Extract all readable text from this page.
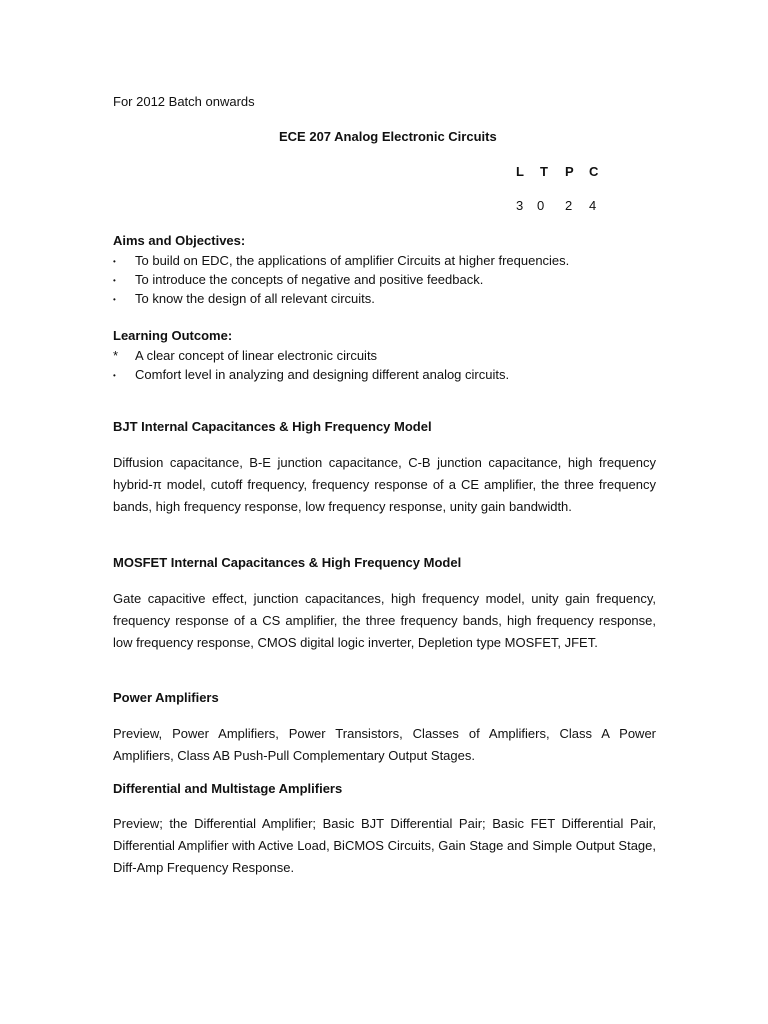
For 2012 Batch onwards
ECE 207 Analog Electronic Circuits
L	T	P	C
3	0	2	4
Aims and Objectives:
• To build on EDC, the applications of amplifier Circuits at higher frequencies.
• To introduce the concepts of negative and positive feedback.
• To know the design of all relevant circuits.
Learning Outcome:
* A clear concept of linear electronic circuits
• Comfort level in analyzing and designing different analog circuits.
BJT Internal Capacitances & High Frequency Model

Diffusion capacitance, B-E junction capacitance, C-B junction capacitance, high frequency hybrid-π model, cutoff frequency, frequency response of a CE amplifier, the three frequency bands, high frequency response, low frequency response, unity gain bandwidth.

MOSFET Internal Capacitances & High Frequency Model

Gate capacitive effect, junction capacitances, high frequency model, unity gain frequency, frequency response of a CS amplifier, the three frequency bands, high frequency response, low frequency response, CMOS digital logic inverter, Depletion type MOSFET, JFET.

Power Amplifiers

Preview, Power Amplifiers, Power Transistors, Classes of Amplifiers, Class A Power Amplifiers, Class AB Push-Pull Complementary Output Stages.

Differential and Multistage Amplifiers

Preview; the Differential Amplifier; Basic BJT Differential Pair; Basic FET Differential Pair, Differential Amplifier with Active Load, BiCMOS Circuits, Gain Stage and Simple Output Stage, Diff-Amp Frequency Response.
